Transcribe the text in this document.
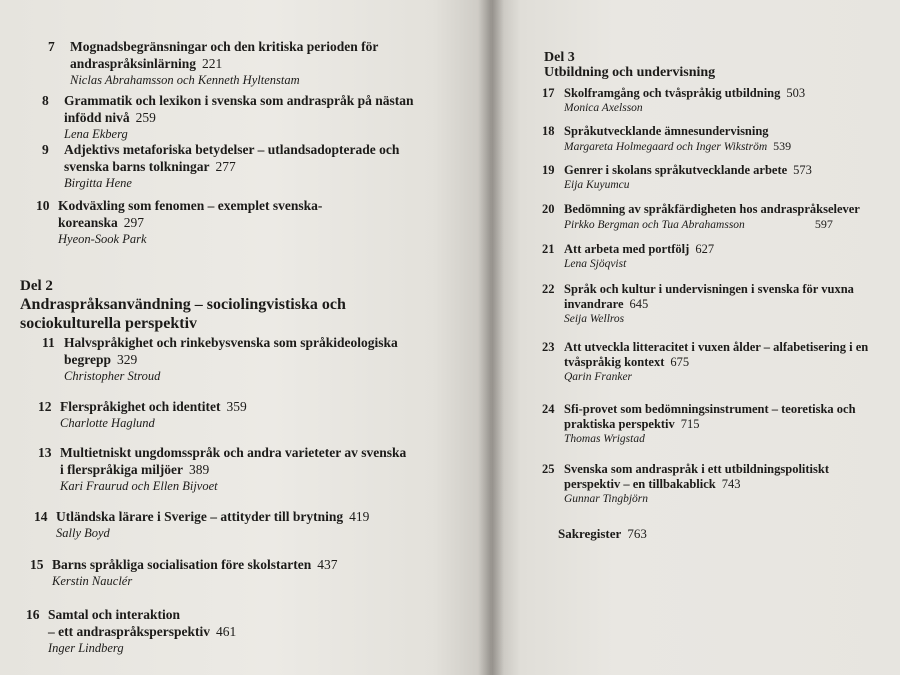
7 Mognadsbegränsningar och den kritiska perioden för
andraspråksinlärning 221

Niclas Abrahamsson och Kenneth Hyltenstam

8 Grammatik och lexikon i svenska som andraspråk på nästan
infödd nivå 259

Lena Ekberg

9 Adjektivs metaforiska betydelser – utlandsadopterade och
svenska barns tolkningar 277

Birgitta Hene

10 Kodväxling som fenomen – exemplet svenska-
koreanska 297

Hyeon-Sook Park

Del 2
Andraspråksanvändning – sociolingvistiska och
sociokulturella perspektiv

11 Halvspråkighet och rinkebysvenska som språkideologiska
begrepp 329

Christopher Stroud

12 Flerspråkighet och identitet 359

Charlotte Haglund

13 Multietniskt ungdomsspråk och andra varieteter av svenska
i flerspråkiga miljöer 389

Kari Fraurud och Ellen Bijvoet

14 Utländska lärare i Sverige – attityder till brytning 419

Sally Boyd

15 Barns språkliga socialisation före skolstarten 437

Kerstin Nauclér

16 Samtal och interaktion
– ett andraspråksperspektiv 461

Inger Lindberg

Del 3
Utbildning och undervisning

17 Skolframgång och tvåspråkig utbildning 503

Monica Axelsson

18 Språkutvecklande ämnesundervisning

Margareta Holmegaard och Inger Wikström 539

19 Genrer i skolans språkutvecklande arbete 573

Eija Kuyumcu

20 Bedömning av språkfärdigheten hos andraspråkselever

Pirkko Bergman och Tua Abrahamsson	597

21 Att arbeta med portfölj 627

Lena Sjöqvist

22 Språk och kultur i undervisningen i svenska för vuxna
invandrare 645

Seija Wellros

23 Att utveckla litteracitet i vuxen ålder – alfabetisering i en
tvåspråkig kontext 675

Qarin Franker

24 Sfi-provet som bedömningsinstrument – teoretiska och
praktiska perspektiv 715

Thomas Wrigstad

25 Svenska som andraspråk i ett utbildningspolitiskt
perspektiv – en tillbakablick 743

Gunnar Tingbjörn

Sakregister 763
